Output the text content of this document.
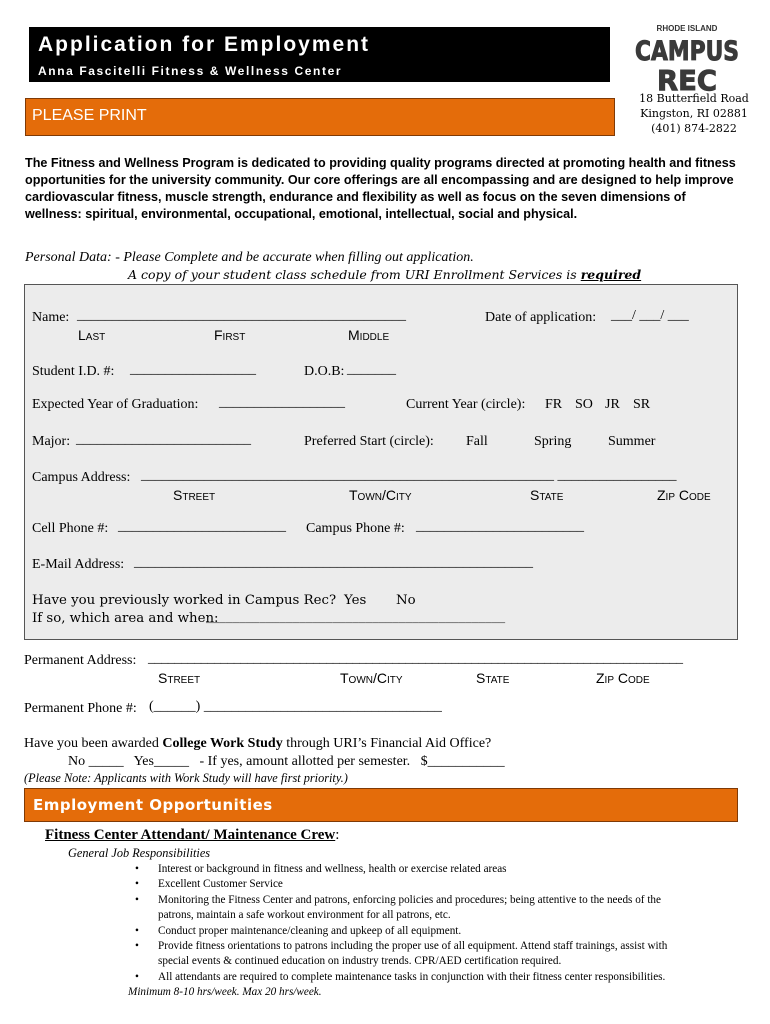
Application for Employment
Anna Fascitelli Fitness & Wellness Center
PLEASE PRINT
RHODE ISLAND
CAMPUS
REC
18 Butterfield Road
Kingston, RI 02881
(401) 874-2822
The Fitness and Wellness Program is dedicated to providing quality programs directed at promoting health and fitness opportunities for the university community. Our core offerings are all encompassing and are designed to help improve cardiovascular fitness, muscle strength, endurance and flexibility as well as focus on the seven dimensions of wellness: spiritual, environmental, occupational, emotional, intellectual, social and physical.
Personal Data: - Please Complete and be accurate when filling out application.
A copy of your student class schedule from URI Enrollment Services is required
Name: _______________________________________________	Date of application: ___/ ___/ ___
Last	First	Middle
Student I.D. #: __________________	D.O.B: _______
Expected Year of Graduation: __________________	Current Year (circle): FR SO JR SR
Major: _________________________	Preferred Start (circle): Fall	Spring	Summer
Campus Address: ___________________________________________________________ _________________
Street	Town/City	State	Zip Code
Cell Phone #: ________________________ Campus Phone #: ________________________
E-Mail Address: _________________________________________________________
Have you previously worked in Campus Rec? Yes No
If so, which area and when:
_____________________________________________
Permanent Address: _________________________________________________________________________________
Street	Town/City	State	Zip Code
Permanent Phone #: (______) __________________________________
Have you been awarded College Work Study through URI’s Financial Aid Office?
No _____   Yes_____   - If yes, amount allotted per semester.   $___________
(Please Note: Applicants with Work Study will have first priority.)
Employment Opportunities
Fitness Center Attendant/ Maintenance Crew:
General Job Responsibilities
• Interest or background in fitness and wellness, health or exercise related areas
• Excellent Customer Service
• Monitoring the Fitness Center and patrons, enforcing policies and procedures; being attentive to the needs of the
patrons, maintain a safe workout environment for all patrons, etc.
• Conduct proper maintenance/cleaning and upkeep of all equipment.
• Provide fitness orientations to patrons including the proper use of all equipment. Attend staff trainings, assist with
special events & continued education on industry trends. CPR/AED certification required.
• All attendants are required to complete maintenance tasks in conjunction with their fitness center responsibilities.
Minimum 8-10 hrs/week. Max 20 hrs/week.
